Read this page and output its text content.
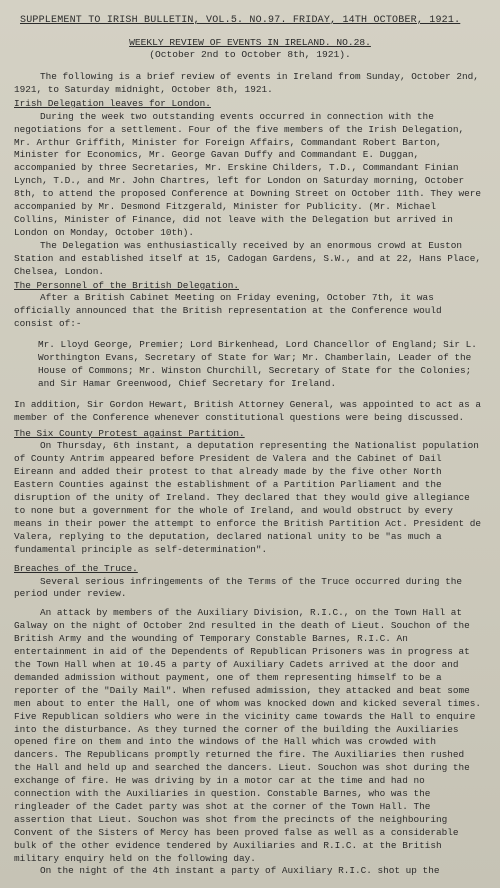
SUPPLEMENT TO IRISH BULLETIN, VOL.5. NO.97. FRIDAY, 14TH OCTOBER, 1921.
WEEKLY REVIEW OF EVENTS IN IRELAND. NO.28.
(October 2nd to October 8th, 1921).

The following is a brief review of events in Ireland from Sunday, October 2nd, 1921, to Saturday midnight, October 8th, 1921.

Irish Delegation leaves for London.

During the week two outstanding events occurred in connection with the negotiations for a settlement. Four of the five members of the Irish Delegation, Mr. Arthur Griffith, Minister for Foreign Affairs, Commandant Robert Barton, Minister for Economics, Mr. George Gavan Duffy and Commandant E. Duggan, accompanied by three Secretaries, Mr. Erskine Childers, T.D., Commandant Finian Lynch, T.D., and Mr. John Chartres, left for London on Saturday morning, October 8th, to attend the proposed Conference at Downing Street on October 11th. They were accompanied by Mr. Desmond Fitzgerald, Minister for Publicity. (Mr. Michael Collins, Minister of Finance, did not leave with the Delegation but arrived in London on Monday, October 10th).

The Delegation was enthusiastically received by an enormous crowd at Euston Station and established itself at 15, Cadogan Gardens, S.W., and at 22, Hans Place, Chelsea, London.

The Personnel of the British Delegation.

After a British Cabinet Meeting on Friday evening, October 7th, it was officially announced that the British representation at the Conference would consist of:-

Mr. Lloyd George, Premier; Lord Birkenhead, Lord Chancellor of England; Sir L. Worthington Evans, Secretary of State for War; Mr. Chamberlain, Leader of the House of Commons; Mr. Winston Churchill, Secretary of State for the Colonies; and Sir Hamar Greenwood, Chief Secretary for Ireland.

In addition, Sir Gordon Hewart, British Attorney General, was appointed to act as a member of the Conference whenever constitutional questions were being discussed.

The Six County Protest against Partition.

On Thursday, 6th instant, a deputation representing the Nationalist population of County Antrim appeared before President de Valera and the Cabinet of Dail Eireann and added their protest to that already made by the five other North Eastern Counties against the establishment of a Partition Parliament and the disruption of the unity of Ireland. They declared that they would give allegiance to none but a government for the whole of Ireland, and would obstruct by every means in their power the attempt to enforce the British Partition Act. President de Valera, replying to the deputation, declared national unity to be "as much a fundamental principle as self-determination".

Breaches of the Truce.

Several serious infringements of the Terms of the Truce occurred during the period under review.

An attack by members of the Auxiliary Division, R.I.C., on the Town Hall at Galway on the night of October 2nd resulted in the death of Lieut. Souchon of the British Army and the wounding of Temporary Constable Barnes, R.I.C. An entertainment in aid of the Dependents of Republican Prisoners was in progress at the Town Hall when at 10.45 a party of Auxiliary Cadets arrived at the door and demanded admission without payment, one of them representing himself to be a reporter of the "Daily Mail". When refused admission, they attacked and beat some men about to enter the Hall, one of whom was knocked down and kicked several times. Five Republican soldiers who were in the vicinity came towards the Hall to enquire into the disturbance. As they turned the corner of the building the Auxiliaries opened fire on them and into the windows of the Hall which was crowded with dancers. The Republicans promptly returned the fire. The Auxiliaries then rushed the Hall and held up and searched the dancers. Lieut. Souchon was shot during the exchange of fire. He was driving by in a motor car at the time and had no connection with the Auxiliaries in question. Constable Barnes, who was the ringleader of the Cadet party was shot at the corner of the Town Hall. The assertion that Lieut. Souchon was shot from the precincts of the neighbouring Convent of the Sisters of Mercy has been proved false as well as a considerable bulk of the other evidence tendered by Auxiliaries and R.I.C. at the British military enquiry held on the following day.

On the night of the 4th instant a party of Auxiliary R.I.C. shot up the
